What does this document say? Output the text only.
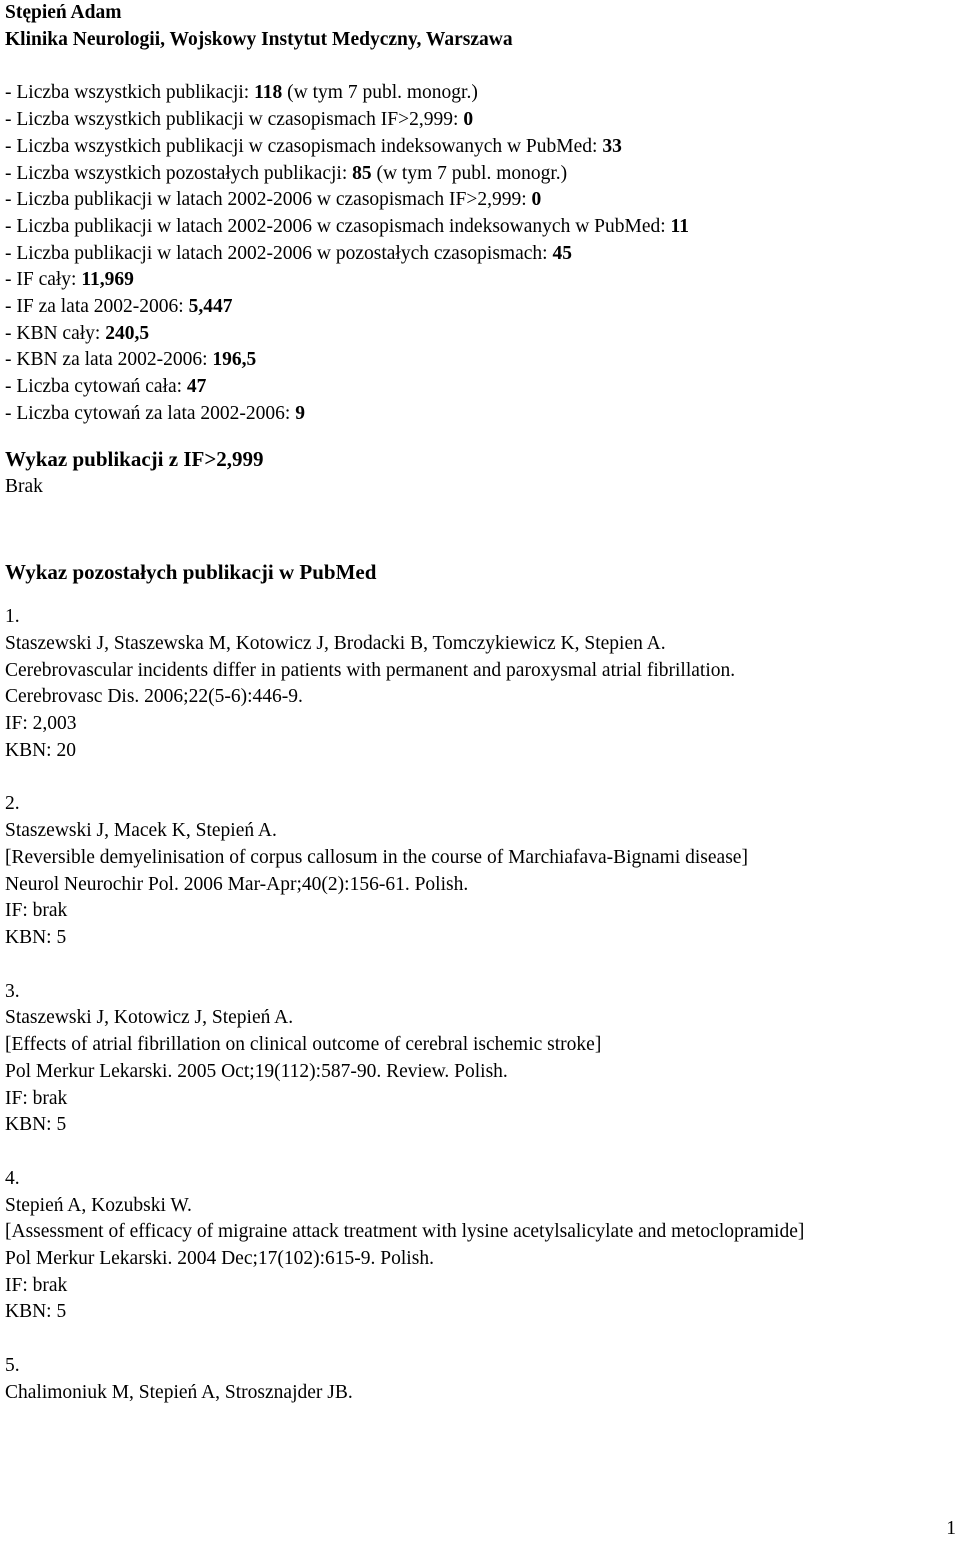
Stępień Adam
Klinika Neurologii, Wojskowy Instytut Medyczny, Warszawa
- Liczba wszystkich publikacji: 118 (w tym 7 publ. monogr.)
- Liczba wszystkich publikacji w czasopismach IF>2,999: 0
- Liczba wszystkich publikacji w czasopismach indeksowanych w PubMed: 33
- Liczba wszystkich pozostałych publikacji: 85 (w tym 7 publ. monogr.)
- Liczba publikacji w latach 2002-2006 w czasopismach IF>2,999: 0
- Liczba publikacji w latach 2002-2006 w czasopismach indeksowanych w PubMed: 11
- Liczba publikacji w latach 2002-2006 w pozostałych czasopismach: 45
- IF cały: 11,969
- IF za lata 2002-2006: 5,447
- KBN cały: 240,5
- KBN za lata 2002-2006: 196,5
- Liczba cytowań cała: 47
- Liczba cytowań za lata 2002-2006: 9
Wykaz publikacji z IF>2,999
Brak
Wykaz pozostałych publikacji w PubMed
1.
Staszewski J, Staszewska M, Kotowicz J, Brodacki B, Tomczykiewicz K, Stepien A.
Cerebrovascular incidents differ in patients with permanent and paroxysmal atrial fibrillation.
Cerebrovasc Dis. 2006;22(5-6):446-9.
IF: 2,003
KBN: 20
2.
Staszewski J, Macek K, Stepień A.
[Reversible demyelinisation of corpus callosum in the course of Marchiafava-Bignami disease]
Neurol Neurochir Pol. 2006 Mar-Apr;40(2):156-61. Polish.
IF: brak
KBN: 5
3.
Staszewski J, Kotowicz J, Stepień A.
[Effects of atrial fibrillation on clinical outcome of cerebral ischemic stroke]
Pol Merkur Lekarski. 2005 Oct;19(112):587-90. Review. Polish.
IF: brak
KBN: 5
4.
Stepień A, Kozubski W.
[Assessment of efficacy of migraine attack treatment with lysine acetylsalicylate and metoclopramide]
Pol Merkur Lekarski. 2004 Dec;17(102):615-9. Polish.
IF: brak
KBN: 5
5.
Chalimoniuk M, Stepień A, Strosznajder JB.
1
